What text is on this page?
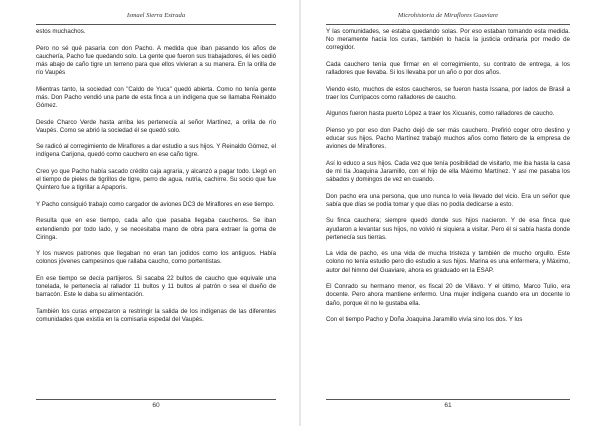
Ismael Sierra Estrada

estos muchachos.

Pero no sé qué pasaría con don Pacho. A medida que iban pasando los años de cauchería, Pacho fue quedando solo. La gente que fueron sus trabajadores, él les cedió más abajo de caño tigre un terreno para que ellos vivieran a su manera. En la orilla de río Vaupés

Mientras tanto, la sociedad con "Caldo de Yuca" quedó abierta. Como no tenía gente más. Don Pacho vendió una parte de esta finca a un indígena que se llamaba Reinaldo Gómez.

Desde Charco Verde hasta arriba les pertenecía al señor Martínez, a orilla de río Vaupés. Como se abrió la sociedad él se quedó solo.

Se radicó al corregimiento de Miraflores a dar estudio a sus hijos. Y Reinaldo Gómez, el indígena Carijona, quedó como cauchero en ese caño tigre.

Creo yo que Pacho había sacado crédito caja agraria, y alcanzó a pagar todo. Llegó en el tiempo de pieles de tigrillos de tigre, perro de agua, nutria, cachirre. Su socio que fue Quintero fue a tigrillar a Apaporis.

Y Pacho consiguió trabajo como cargador de aviones DC3 de Miraflores en ese tiempo.

Resulta que en ese tiempo, cada año que pasaba llegaba caucheros. Se iban extendiendo por todo lado, y se necesitaba mano de obra para extraer la goma de Ciringa.

Y los nuevos patrones que llegaban no eran tan jodidos como los antiguos. Había colonos jóvenes campesinos que rallaba caucho, como portentistas.

En ese tiempo se decía partijeros. Si sacaba 22 bultos de caucho que equivale una tonelada, le pertenecía al rallador 11 bultos y 11 bultos al patrón o sea el dueño de barracón. Este le daba su alimentación.

También los curas empezaron a restringir la salida de los indígenas de las diferentes comunidades que existía en la comisaria espedal del Vaupés.

60
Microhistoria de Miraflores Guaviare

Y las comunidades, se estaba quedando solas. Por eso estaban tomando esta medida. No meramente hacía los curas, también lo hacía la justicia ordinaria por medio de corregidor.

Cada cauchero tenía que firmar en el corregimiento, su contrato de entrega, a los ralladores que llevaba. Si los llevaba por un año o por dos años.

Viendo esto, muchos de estos caucheros, se fueron hasta Issana, por lados de Brasil a traer los Curripacos como ralladores de caucho.

Algunos fueron hasta puerto López a traer los Xicuanis, como ralladores de caucho.

Pienso yo por eso don Pacho dejó de ser más cauchero. Prefirió coger otro destino y educar sus hijos. Pacho Martínez trabajó muchos años como fletero de la empresa de aviones de Miraflores.

Así lo educo a sus hijos. Cada vez que tenía posibilidad de visitarlo, me iba hasta la casa de mi tía Joaquina Jaramillo, con el hijo de ella Máximo Martínez. Y así me pasaba los sábados y domingos de vez en cuando.

Don pacho era una persona, que uno nunca lo veía llevado del vicio. Era un señor que sabía que días se podía tomar y que días no podía dedicarse a esto.

Su finca cauchera; siempre quedó donde sus hijos nacieron. Y de esa finca que ayudaron a levantar sus hijos, no volvió ni siquiera a visitar. Pero él si sabía hasta donde pertenecía sus tierras.

La vida de pacho, es una vida de mucha tristeza y también de mucho orgullo. Este colono no tenía estudio pero dio estudio a sus hijos. Marina es una enfermera, y Máximo, autor del himno del Guaviare, ahora es graduado en la ESAP.

El Conrado su hermano menor, es fiscal 20 de Villavo. Y el último, Marco Tulio, era docente. Pero ahora mantiene enfermo. Una mujer indígena cuando era un docente lo daño, porque él no le gustaba ella.

Con el tiempo Pacho y Doña Joaquina Jaramillo vivía sino los dos. Y los

61
